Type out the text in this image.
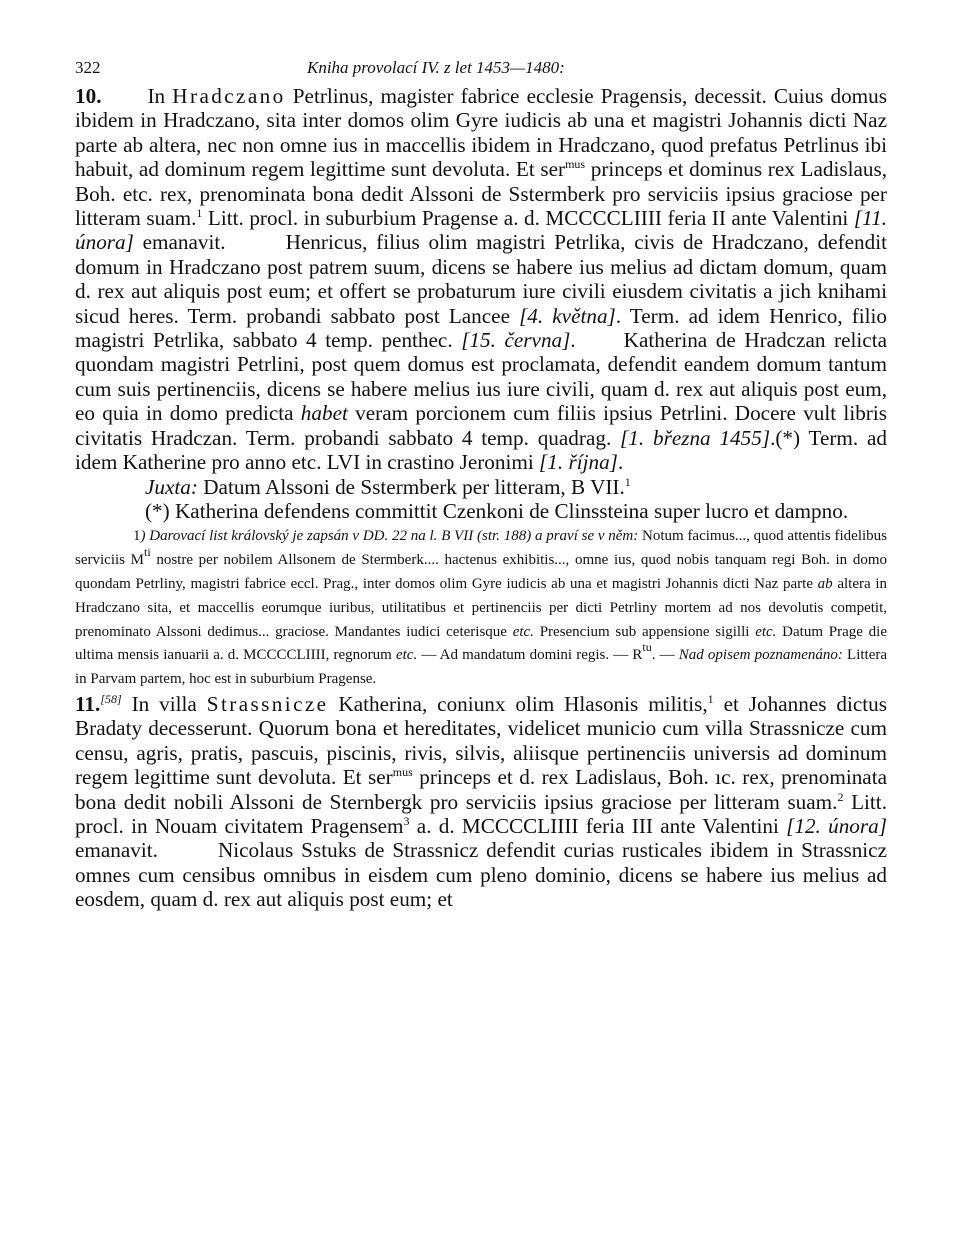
322	Kniha provolací IV. z let 1453—1480:

10. In Hradczano Petrlinus, magister fabrice ecclesie Pragensis, decessit. Cuius domus ibidem in Hradczano, sita inter domos olim Gyre iudicis ab una et magistri Johannis dicti Naz parte ab altera, nec non omne ius in maccellis ibidem in Hradczano, quod prefatus Petrlinus ibi habuit, ad dominum regem legittime sunt devoluta. Et ser$^{mus}$ princeps et dominus rex Ladislaus, Boh. etc. rex, prenominata bona dedit Alssoni de Sstermberk pro serviciis ipsius graciose per litteram suam.$^1$ Litt. procl. in suburbium Pragense a. d. MCCCCLIIII feria II ante Valentini [11. února] emanavit.	Henricus, filius olim magistri Petrlika, civis de Hradczano, defendit domum in Hradczano post patrem suum, dicens se habere ius melius ad dictam domum, quam d. rex aut aliquis post eum; et offert se probaturum iure civili eiusdem civitatis a jich knihami sicud heres. Term. probandi sabbato post Lancee [4. května]. Term. ad idem Henrico, filio magistri Petrlika, sabbato 4 temp. penthec. [15. června]. Katherina de Hradczan relicta quondam magistri Petrlini, post quem domus est proclamata, defendit eandem domum tantum cum suis pertinenciis, dicens se habere melius ius iure civili, quam d. rex aut aliquis post eum, eo quia in domo predicta habet veram porcionem cum filiis ipsius Petrlini. Docere vult libris civitatis Hradczan. Term. probandi sabbato 4 temp. quadrag. [1. března 1455].(*) Term. ad idem Katherine pro anno etc. LVI in crastino Jeronimi [1. října].

Juxta: Datum Alssoni de Sstermberk per litteram, B VII.$^1$

(*) Katherina defendens committit Czenkoni de Clinssteina super lucro et dampno.

1) Darovací list královský je zapsán v DD. 22 na l. B VII (str. 188) a praví se v něm: Notum facimus..., quod attentis fidelibus serviciis $M^{ti}$ nostre per nobilem Allsonem de Stermberk.... hactenus exhibitis..., omne ius, quod nobis tanquam regi Boh. in domo quondam Petrliny, magistri fabrice eccl. Prag., inter domos olim Gyre iudicis ab una et magistri Johannis dicti Naz parte ab altera in Hradczano sita, et maccellis eorumque iuribus, utilitatibus et pertinenciis per dicti Petrliny mortem ad nos devolutis competit, prenominato Alssoni dedimus... graciose. Mandantes iudici ceterisque etc. Presencium sub appensione sigilli etc. Datum Prage die ultima mensis ianuarii a. d. MCCCCLIIII, regnorum etc. — Ad mandatum domini regis. — $R^{tu}$. — Nad opisem poznamenáno: Littera in Parvam partem, hoc est in suburbium Pragense.

11.[58] In villa Strassnicze Katherina, coniunx olim Hlasonis militis,$^1$ et Johannes dictus Bradaty decesserunt. Quorum bona et hereditates, videlicet municio cum villa Strassnicze cum censu, agris, pratis, pascuis, piscinis, rivis, silvis, aliisque pertinenciis universis ad dominum regem legittime sunt devoluta. Et ser$^{mus}$ princeps et d. rex Ladislaus, Boh. ıc. rex, prenominata bona dedit nobili Alssoni de Sternbergk pro serviciis ipsius graciose per litteram suam.$^2$ Litt. procl. in Nouam civitatem Pragensem$^3$ a. d. MCCCCLIIII feria III ante Valentini [12. února] emanavit.	Nicolaus Sstuks de Strassnicz defendit curias rusticales ibidem in Strassnicz omnes cum censibus omnibus in eisdem cum pleno dominio, dicens se habere ius melius ad eosdem, quam d. rex aut aliquis post eum; et
